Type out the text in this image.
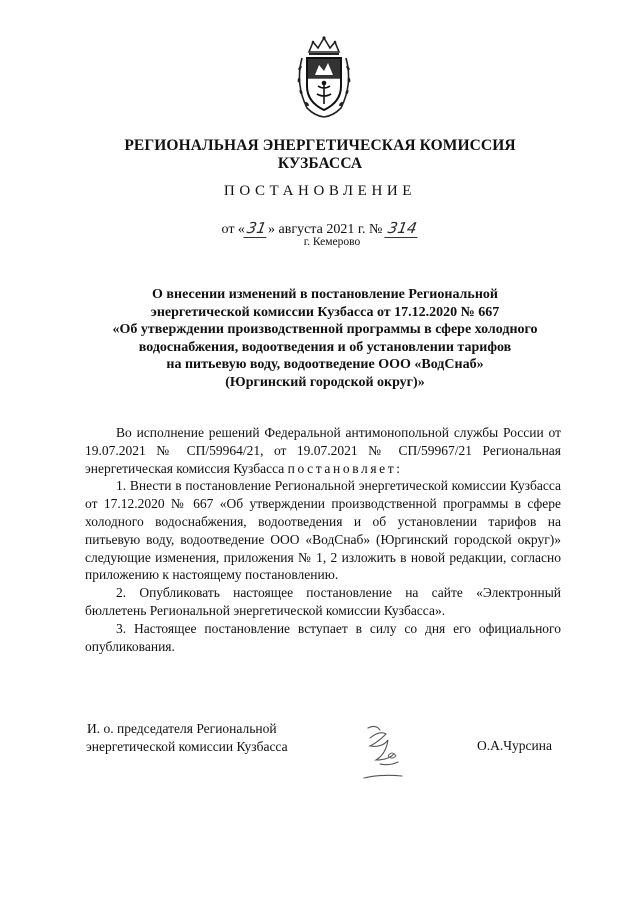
РЕГИОНАЛЬНАЯ ЭНЕРГЕТИЧЕСКАЯ КОМИССИЯ
КУЗБАССА
ПОСТАНОВЛЕНИЕ
от «31» августа 2021 г. № 314
г. Кемерово
О внесении изменений в постановление Региональной
энергетической комиссии Кузбасса от 17.12.2020 № 667
«Об утверждении производственной программы в сфере холодного
водоснабжения, водоотведения и об установлении тарифов
на питьевую воду, водоотведение ООО «ВодСнаб»
(Юргинский городской округ)»

Во исполнение решений Федеральной антимонопольной службы России от 19.07.2021 № СП/59964/21, от 19.07.2021 № СП/59967/21 Региональная энергетическая комиссия Кузбасса постановляет:

1. Внести в постановление Региональной энергетической комиссии Кузбасса от 17.12.2020 № 667 «Об утверждении производственной программы в сфере холодного водоснабжения, водоотведения и об установлении тарифов на питьевую воду, водоотведение ООО «ВодСнаб» (Юргинский городской округ)» следующие изменения, приложения № 1, 2 изложить в новой редакции, согласно приложению к настоящему постановлению.

2. Опубликовать настоящее постановление на сайте «Электронный бюллетень Региональной энергетической комиссии Кузбасса».

3. Настоящее постановление вступает в силу со дня его официального опубликования.

И. о. председателя Региональной
энергетической комиссии Кузбасса	О.А.Чурсина
